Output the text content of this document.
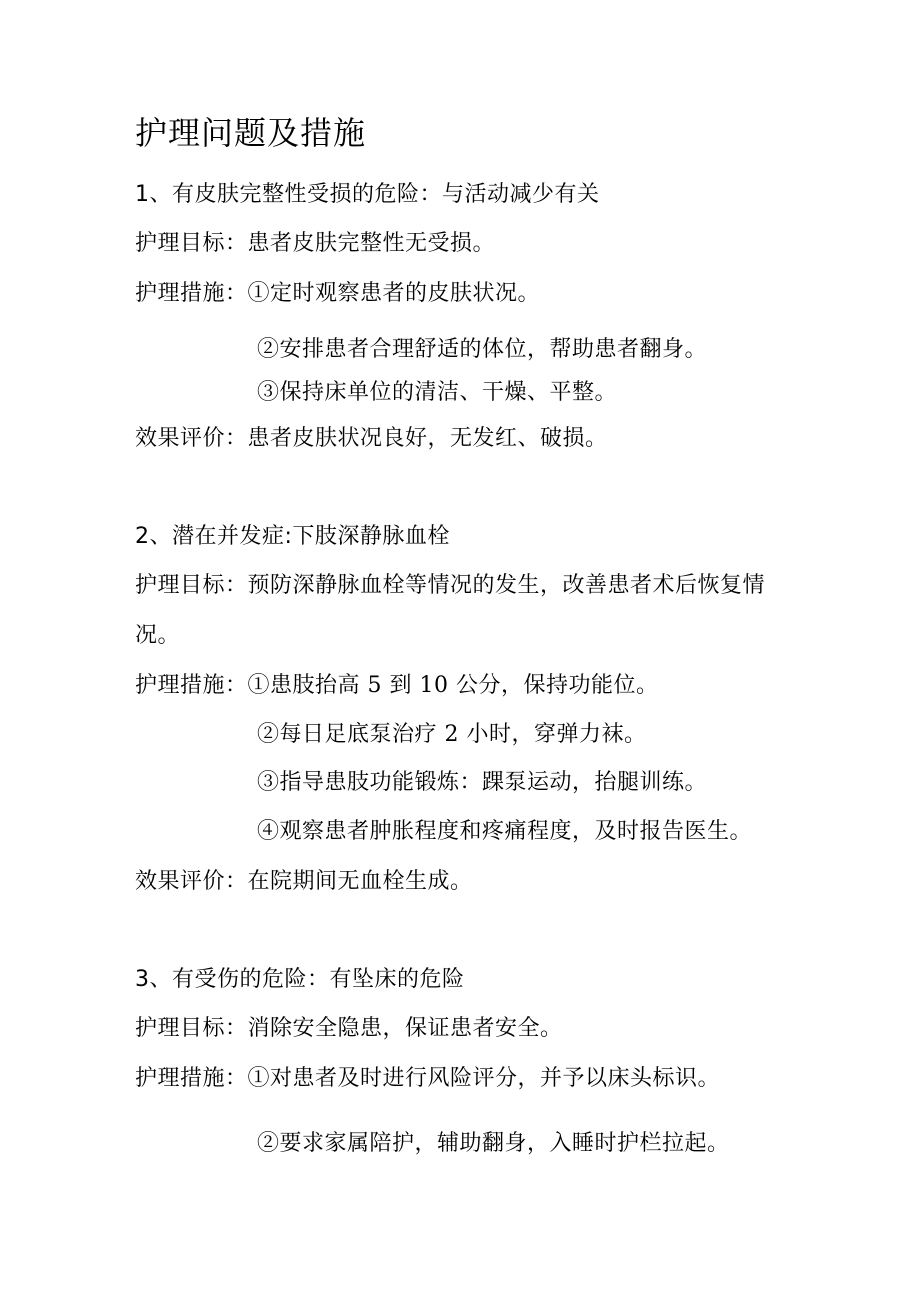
护理问题及措施
1、有皮肤完整性受损的危险：与活动减少有关
护理目标：患者皮肤完整性无受损。
护理措施：①定时观察患者的皮肤状况。
②安排患者合理舒适的体位，帮助患者翻身。
③保持床单位的清洁、干燥、平整。
效果评价：患者皮肤状况良好，无发红、破损。
2、潜在并发症:下肢深静脉血栓
护理目标：预防深静脉血栓等情况的发生，改善患者术后恢复情
况。
护理措施：①患肢抬高 5 到 10 公分，保持功能位。
②每日足底泵治疗 2 小时，穿弹力袜。
③指导患肢功能锻炼：踝泵运动，抬腿训练。
④观察患者肿胀程度和疼痛程度，及时报告医生。
效果评价：在院期间无血栓生成。
3、有受伤的危险：有坠床的危险
护理目标：消除安全隐患，保证患者安全。
护理措施：①对患者及时进行风险评分，并予以床头标识。
②要求家属陪护，辅助翻身，入睡时护栏拉起。
